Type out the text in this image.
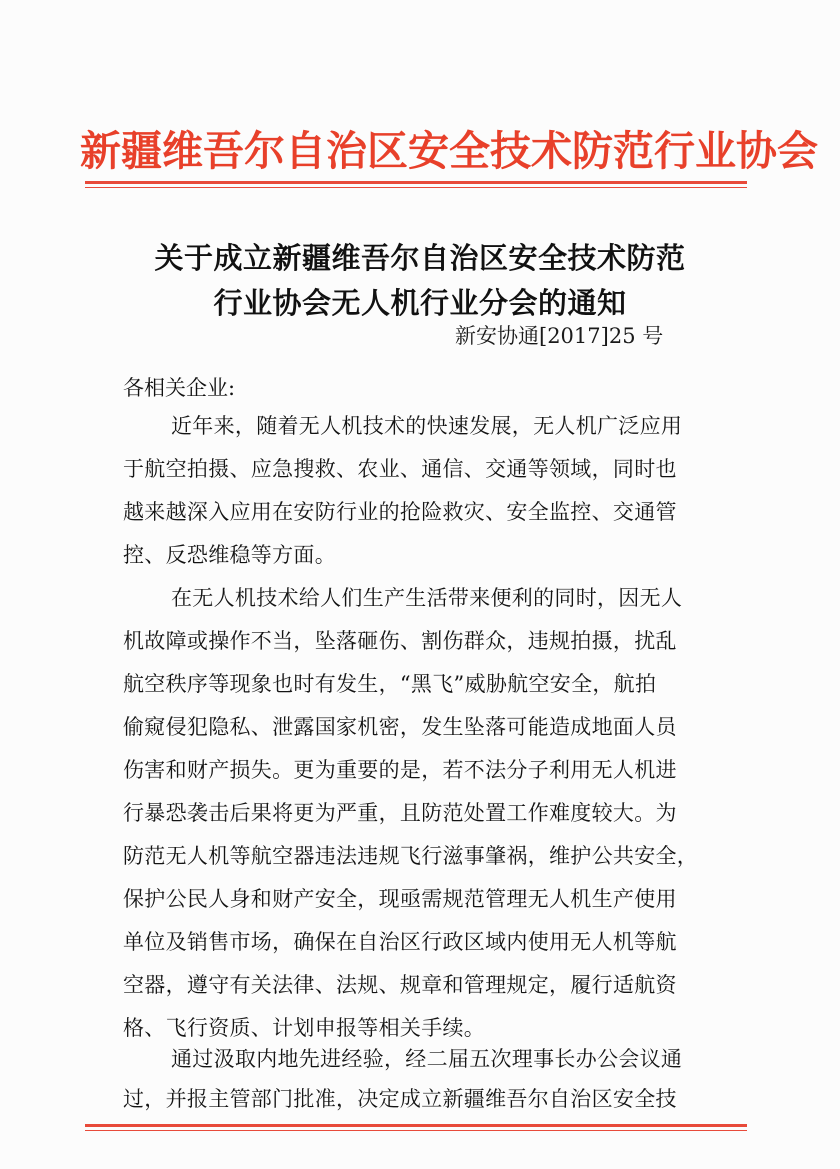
新疆维吾尔自治区安全技术防范行业协会
关于成立新疆维吾尔自治区安全技术防范
行业协会无人机行业分会的通知
新安协通[2017]25 号
各相关企业:
近年来，随着无人机技术的快速发展，无人机广泛应用
于航空拍摄、应急搜救、农业、通信、交通等领域，同时也
越来越深入应用在安防行业的抢险救灾、安全监控、交通管
控、反恐维稳等方面。
在无人机技术给人们生产生活带来便利的同时，因无人
机故障或操作不当，坠落砸伤、割伤群众，违规拍摄，扰乱
航空秩序等现象也时有发生，“黑飞”威胁航空安全，航拍
偷窥侵犯隐私、泄露国家机密，发生坠落可能造成地面人员
伤害和财产损失。更为重要的是，若不法分子利用无人机进
行暴恐袭击后果将更为严重，且防范处置工作难度较大。为
防范无人机等航空器违法违规飞行滋事肇祸，维护公共安全，
保护公民人身和财产安全，现亟需规范管理无人机生产使用
单位及销售市场，确保在自治区行政区域内使用无人机等航
空器，遵守有关法律、法规、规章和管理规定，履行适航资
格、飞行资质、计划申报等相关手续。
通过汲取内地先进经验，经二届五次理事长办公会议通
过，并报主管部门批准，决定成立新疆维吾尔自治区安全技
